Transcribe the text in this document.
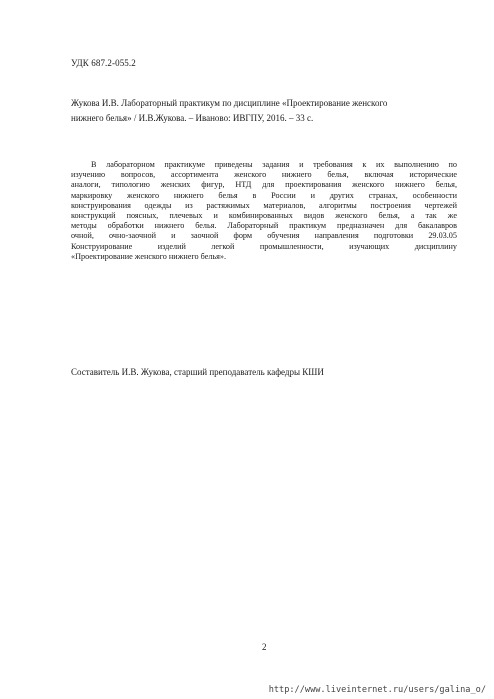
УДК 687.2-055.2
Жукова И.В. Лабораторный практикум по дисциплине «Проектирование женского
нижнего белья» / И.В.Жукова. – Иваново: ИВГПУ, 2016. – 33 с.
В лабораторном практикуме приведены задания и требования к их выполнению по
изучению вопросов, ассортимента женского нижнего белья, включая исторические
аналоги, типологию женских фигур, НТД для проектирования женского нижнего белья,
маркировку женского нижнего белья в России и других странах, особенности
конструирования одежды из растяжимых материалов, алгоритмы построения чертежей
конструкций поясных, плечевых и комбинированных видов женского белья, а так же
методы обработки нижнего белья. Лабораторный практикум предназначен для бакалавров
очной, очно-заочной и заочной форм обучения направления подготовки 29.03.05
Конструирование изделий легкой промышленности, изучающих дисциплину
«Проектирование женского нижнего белья».
Составитель И.В. Жукова, старший преподаватель кафедры КШИ
2
http://www.liveinternet.ru/users/galina_o/
